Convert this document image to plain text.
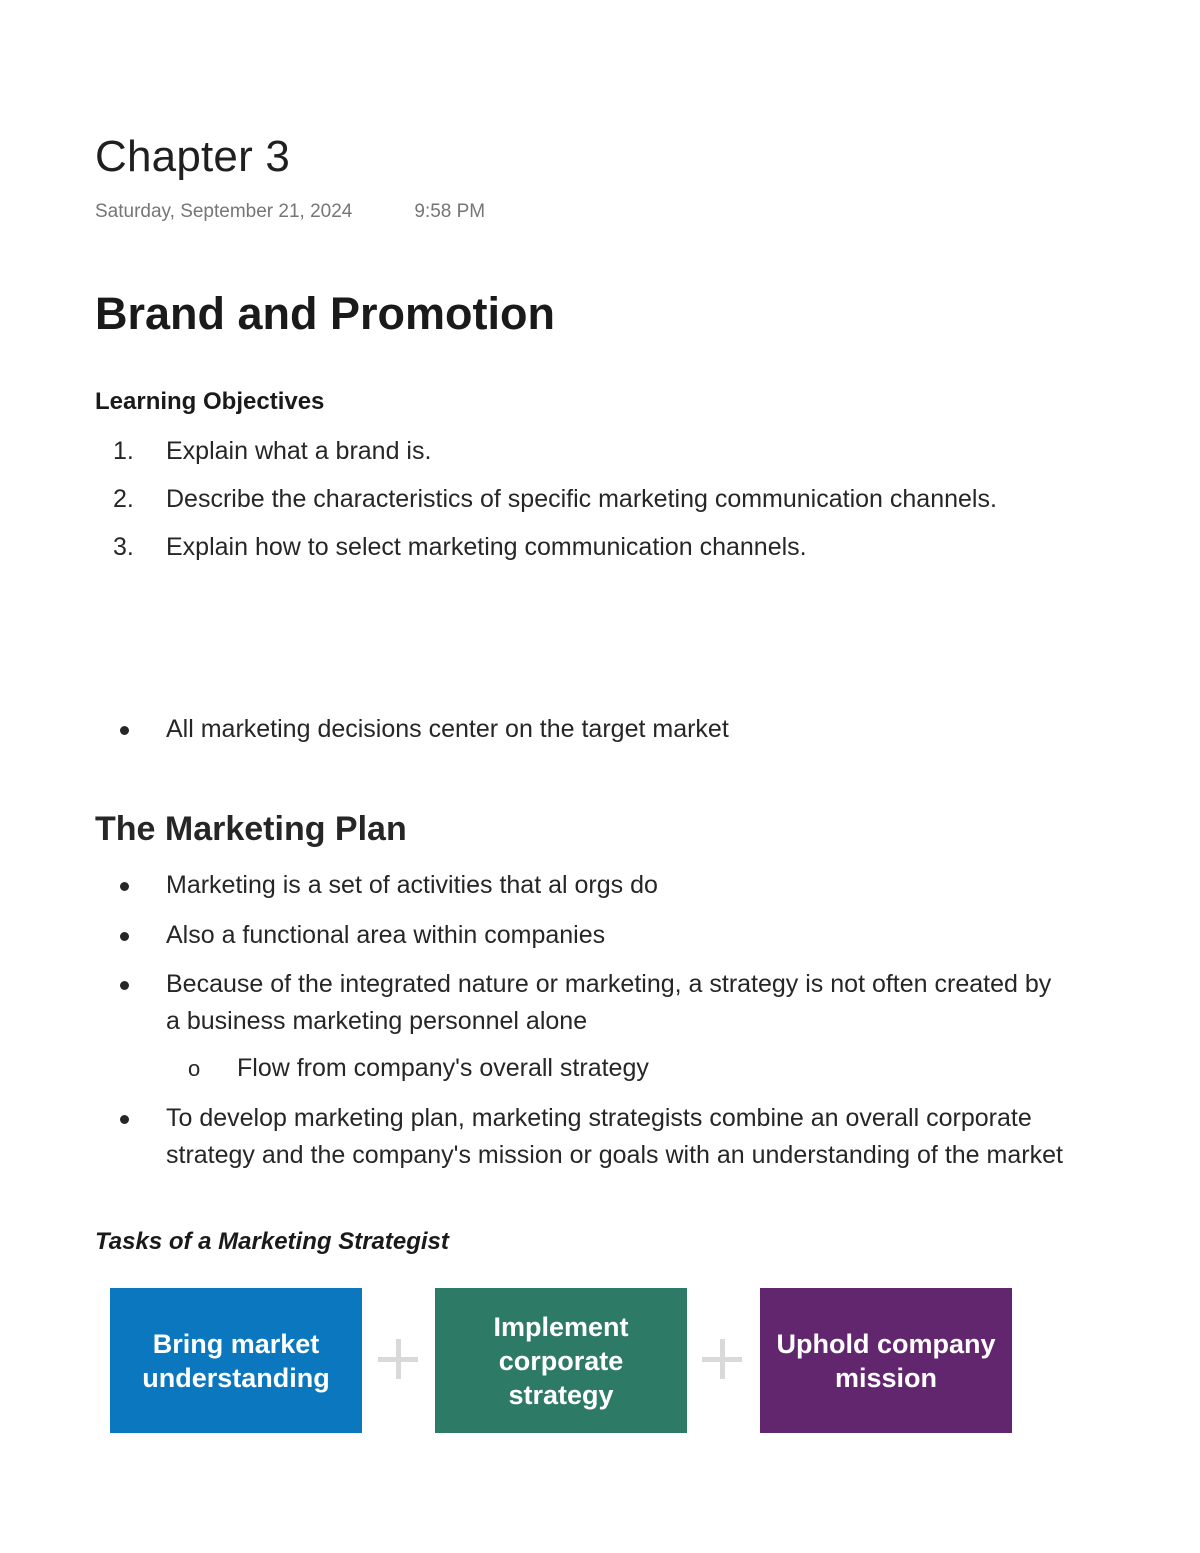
Chapter 3
Saturday, September 21, 2024	9:58 PM
Brand and Promotion
Learning Objectives
1. Explain what a brand is.
2. Describe the characteristics of specific marketing communication channels.
3. Explain how to select marketing communication channels.
All marketing decisions center on the target market
The Marketing Plan
Marketing is a set of activities that al orgs do
Also a functional area within companies
Because of the integrated nature or marketing, a strategy is not often created by a business marketing personnel alone
o Flow from company's overall strategy
To develop marketing plan, marketing strategists combine an overall corporate strategy and the company's mission or goals with an understanding of the market
Tasks of a Marketing Strategist
Bring market understanding
Implement corporate strategy
Uphold company mission
